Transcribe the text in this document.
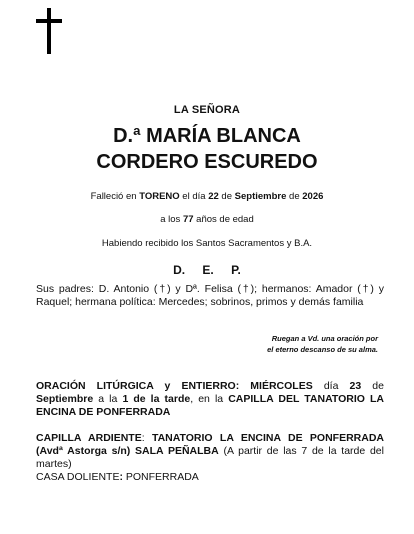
LA SEÑORA
D.ª MARÍA BLANCA
CORDERO ESCUREDO
Falleció en TORENO el día 22 de Septiembre de 2026
a los 77 años de edad
Habiendo recibido los Santos Sacramentos y B.A.
D. E. P.
Sus padres: D. Antonio (†) y Dª. Felisa (†); hermanos: Amador (†) y Raquel; hermana política: Mercedes; sobrinos, primos y demás familia
Ruegan a Vd. una oración por
el eterno descanso de su alma.
ORACIÓN LITÚRGICA y ENTIERRO: MIÉRCOLES día 23 de Septiembre a la 1 de la tarde, en la CAPILLA DEL TANATORIO LA ENCINA DE PONFERRADA
CAPILLA ARDIENTE: TANATORIO LA ENCINA DE PONFERRADA (Avdª Astorga s/n) SALA PEÑALBA (A partir de las 7 de la tarde del martes)
CASA DOLIENTE: PONFERRADA
